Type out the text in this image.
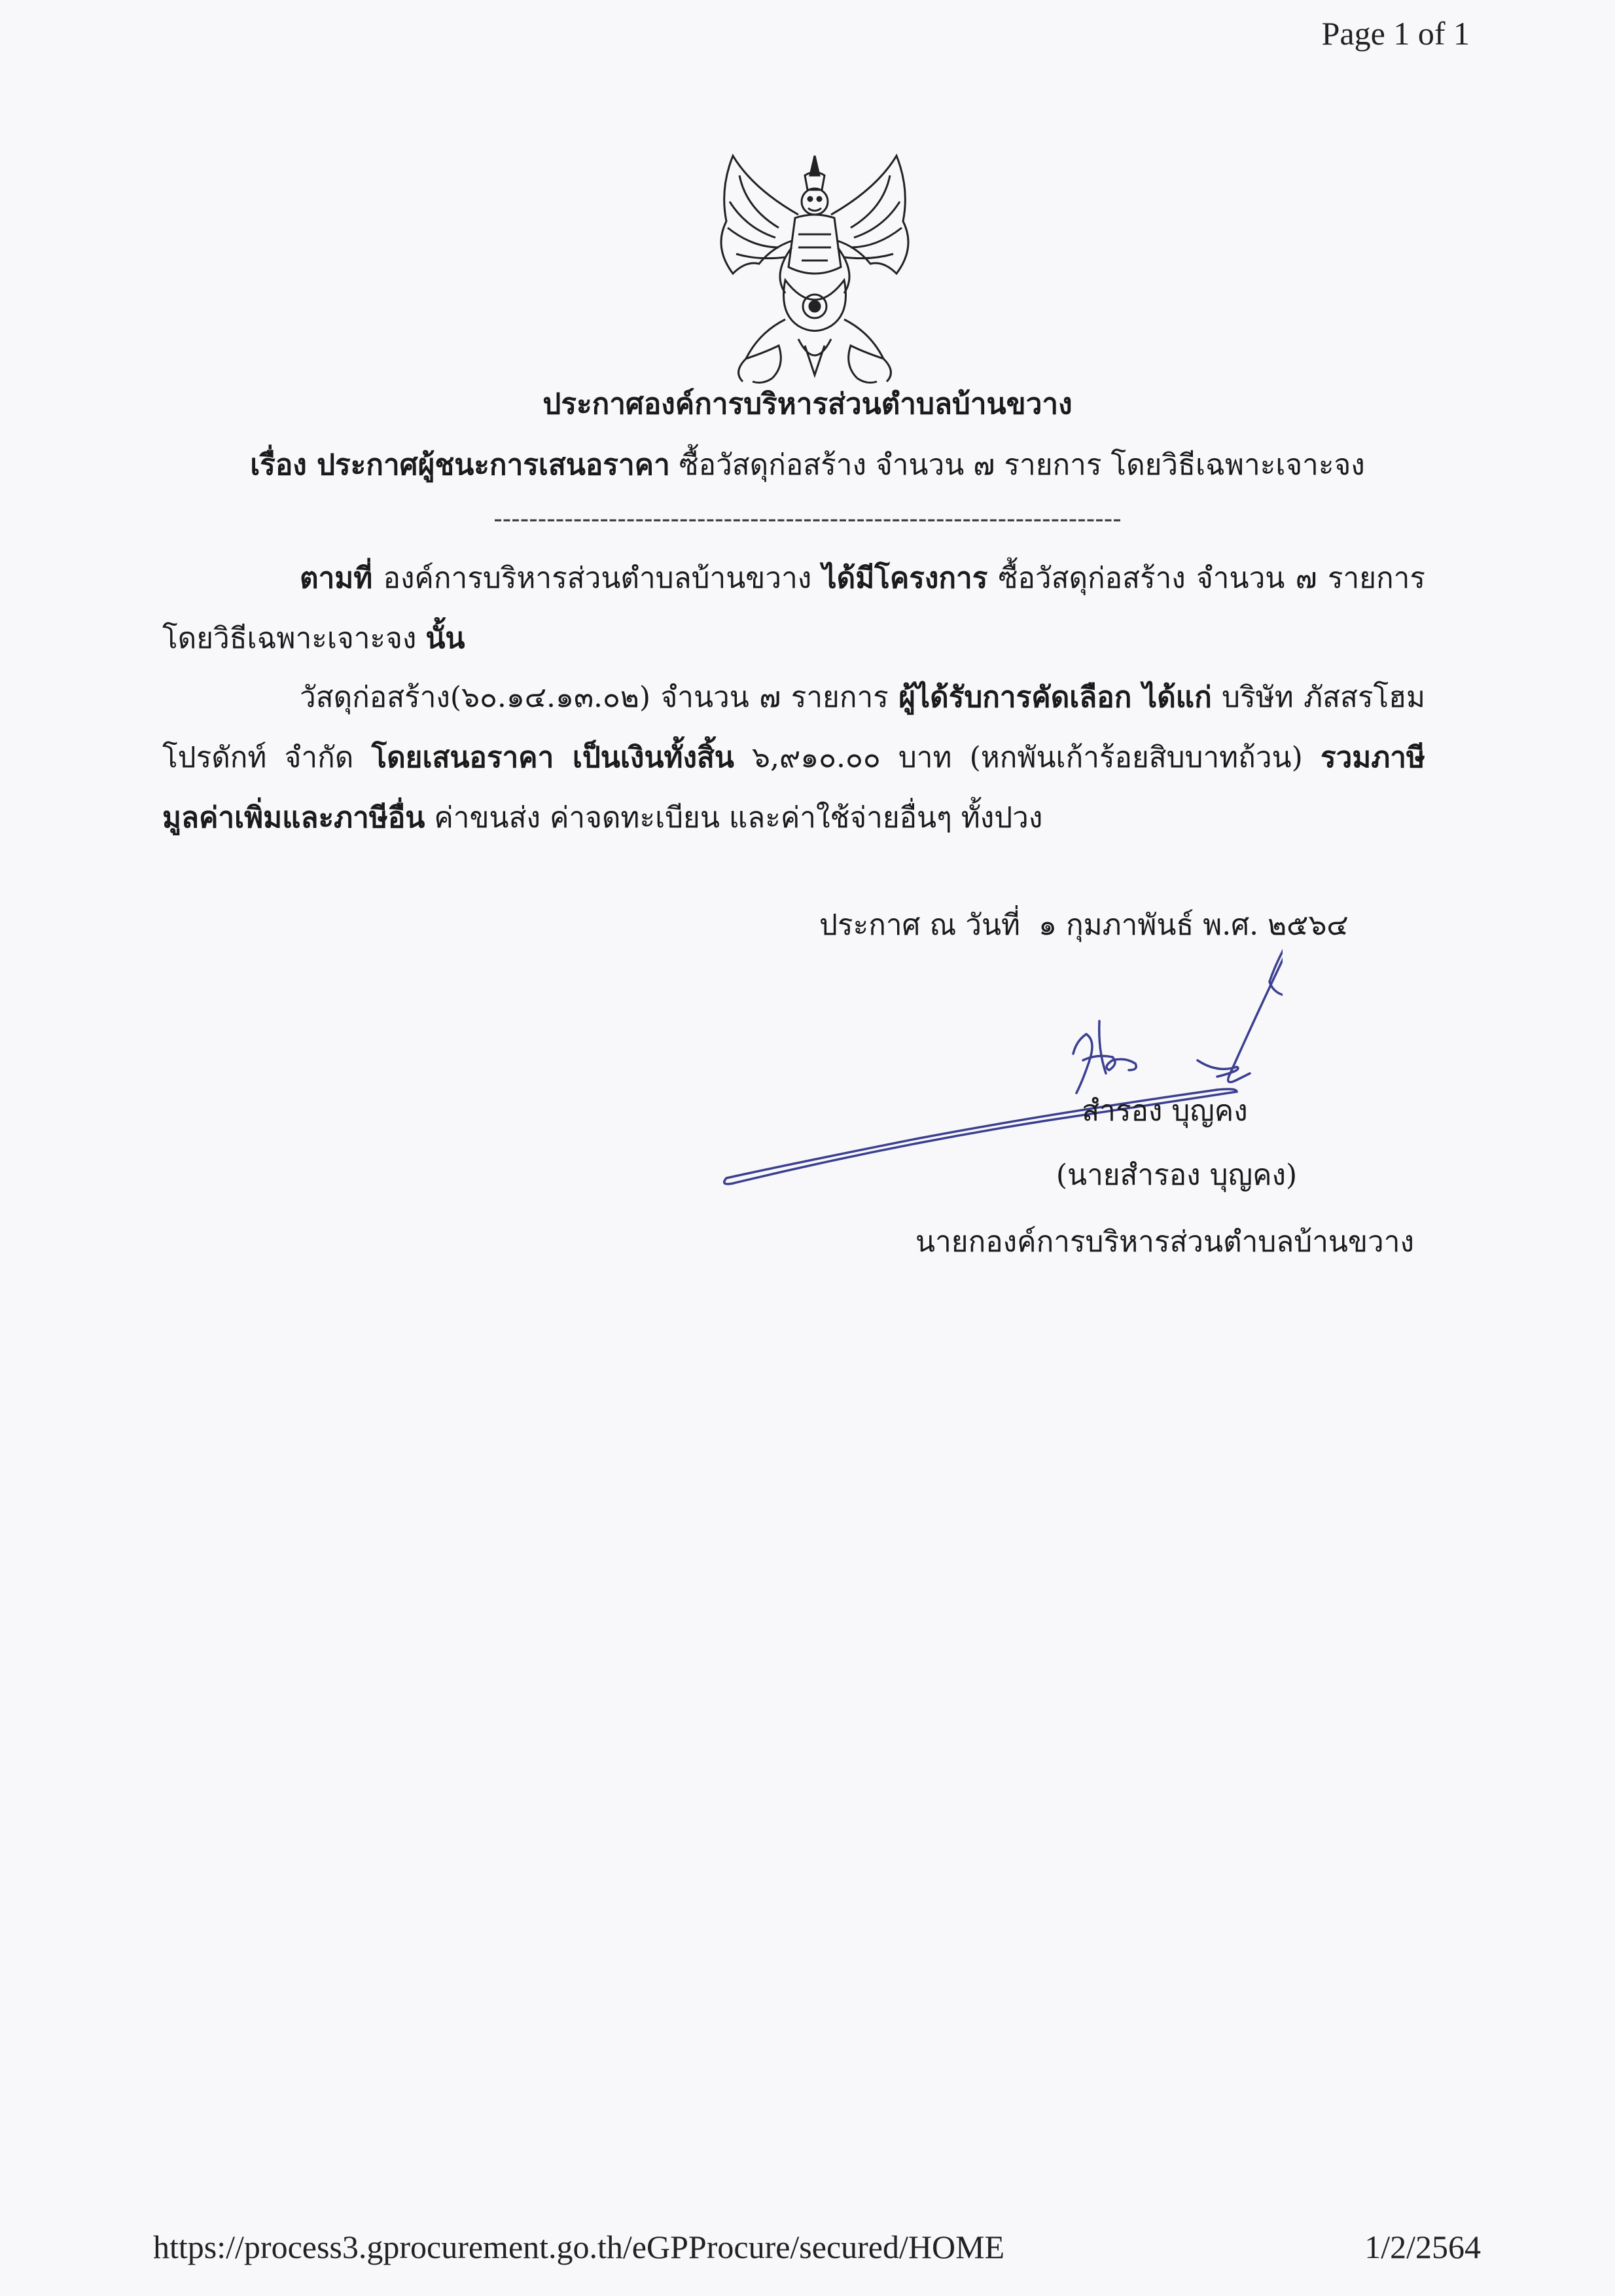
Page 1 of 1
ประกาศองค์การบริหารส่วนตำบลบ้านขวาง
เรื่อง ประกาศผู้ชนะการเสนอราคา ซื้อวัสดุก่อสร้าง จำนวน ๗ รายการ โดยวิธีเฉพาะเจาะจง
-----------------------------------------------------------------------
ตามที่ องค์การบริหารส่วนตำบลบ้านขวาง ได้มีโครงการ ซื้อวัสดุก่อสร้าง จำนวน ๗ รายการ โดยวิธีเฉพาะเจาะจง นั้น
วัสดุก่อสร้าง(๖๐.๑๔.๑๓.๐๒) จำนวน ๗ รายการ ผู้ได้รับการคัดเลือก ได้แก่ บริษัท ภัสสรโฮมโปรดักท์ จำกัด โดยเสนอราคา เป็นเงินทั้งสิ้น ๖,๙๑๐.๐๐ บาท (หกพันเก้าร้อยสิบบาทถ้วน) รวมภาษีมูลค่าเพิ่มและภาษีอื่น ค่าขนส่ง ค่าจดทะเบียน และค่าใช้จ่ายอื่นๆ ทั้งปวง
ประกาศ ณ วันที่ ๑ กุมภาพันธ์ พ.ศ. ๒๕๖๔
สำรอง บุญคง
(นายสำรอง บุญคง)
นายกองค์การบริหารส่วนตำบลบ้านขวาง
https://process3.gprocurement.go.th/eGPProcure/secured/HOME	1/2/2564
